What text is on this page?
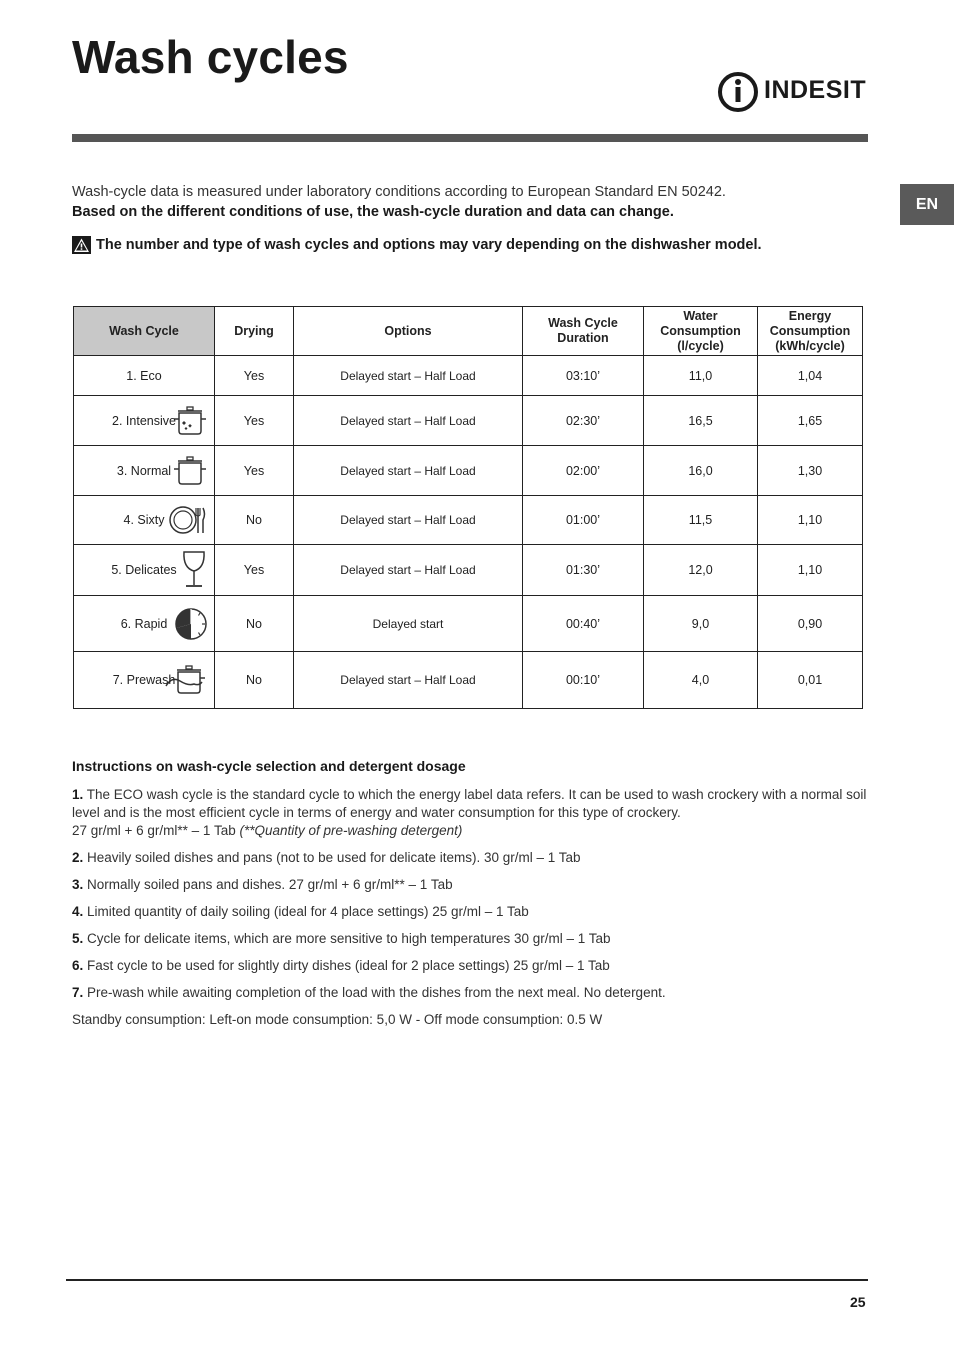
Wash cycles
INDESIT
EN
Wash-cycle data is measured under laboratory conditions according to European Standard EN 50242.
Based on the different conditions of use, the wash-cycle duration and data can change.
The number and type of wash cycles and options may vary depending on the dishwasher model.
Wash Cycle	Drying	Options	Wash Cycle Duration	Water Consumption (l/cycle)	Energy Consumption (kWh/cycle)
1. Eco	Yes	Delayed start – Half Load	03:10’	11,0	1,04
2. Intensive	Yes	Delayed start – Half Load	02:30’	16,5	1,65
3. Normal	Yes	Delayed start – Half Load	02:00’	16,0	1,30
4. Sixty	No	Delayed start – Half Load	01:00’	11,5	1,10
5. Delicates	Yes	Delayed start – Half Load	01:30’	12,0	1,10
6. Rapid	No	Delayed start	00:40’	9,0	0,90
7. Prewash	No	Delayed start – Half Load	00:10’	4,0	0,01
Instructions on wash-cycle selection and detergent dosage

1. The ECO wash cycle is the standard cycle to which the energy label data refers. It can be used to wash crockery with a normal soil level and is the most efficient cycle in terms of energy and water consumption for this type of crockery.
27 gr/ml + 6 gr/ml** – 1 Tab (**Quantity of pre-washing detergent)

2. Heavily soiled dishes and pans (not to be used for delicate items). 30 gr/ml – 1 Tab

3. Normally soiled pans and dishes. 27 gr/ml + 6 gr/ml** – 1 Tab

4. Limited quantity of daily soiling (ideal for 4 place settings) 25 gr/ml – 1 Tab

5. Cycle for delicate items, which are more sensitive to high temperatures 30 gr/ml – 1 Tab

6. Fast cycle to be used for slightly dirty dishes (ideal for 2 place settings) 25 gr/ml – 1 Tab

7. Pre-wash while awaiting completion of the load with the dishes from the next meal. No detergent.

Standby consumption: Left-on mode consumption: 5,0 W - Off mode consumption: 0.5 W

25
